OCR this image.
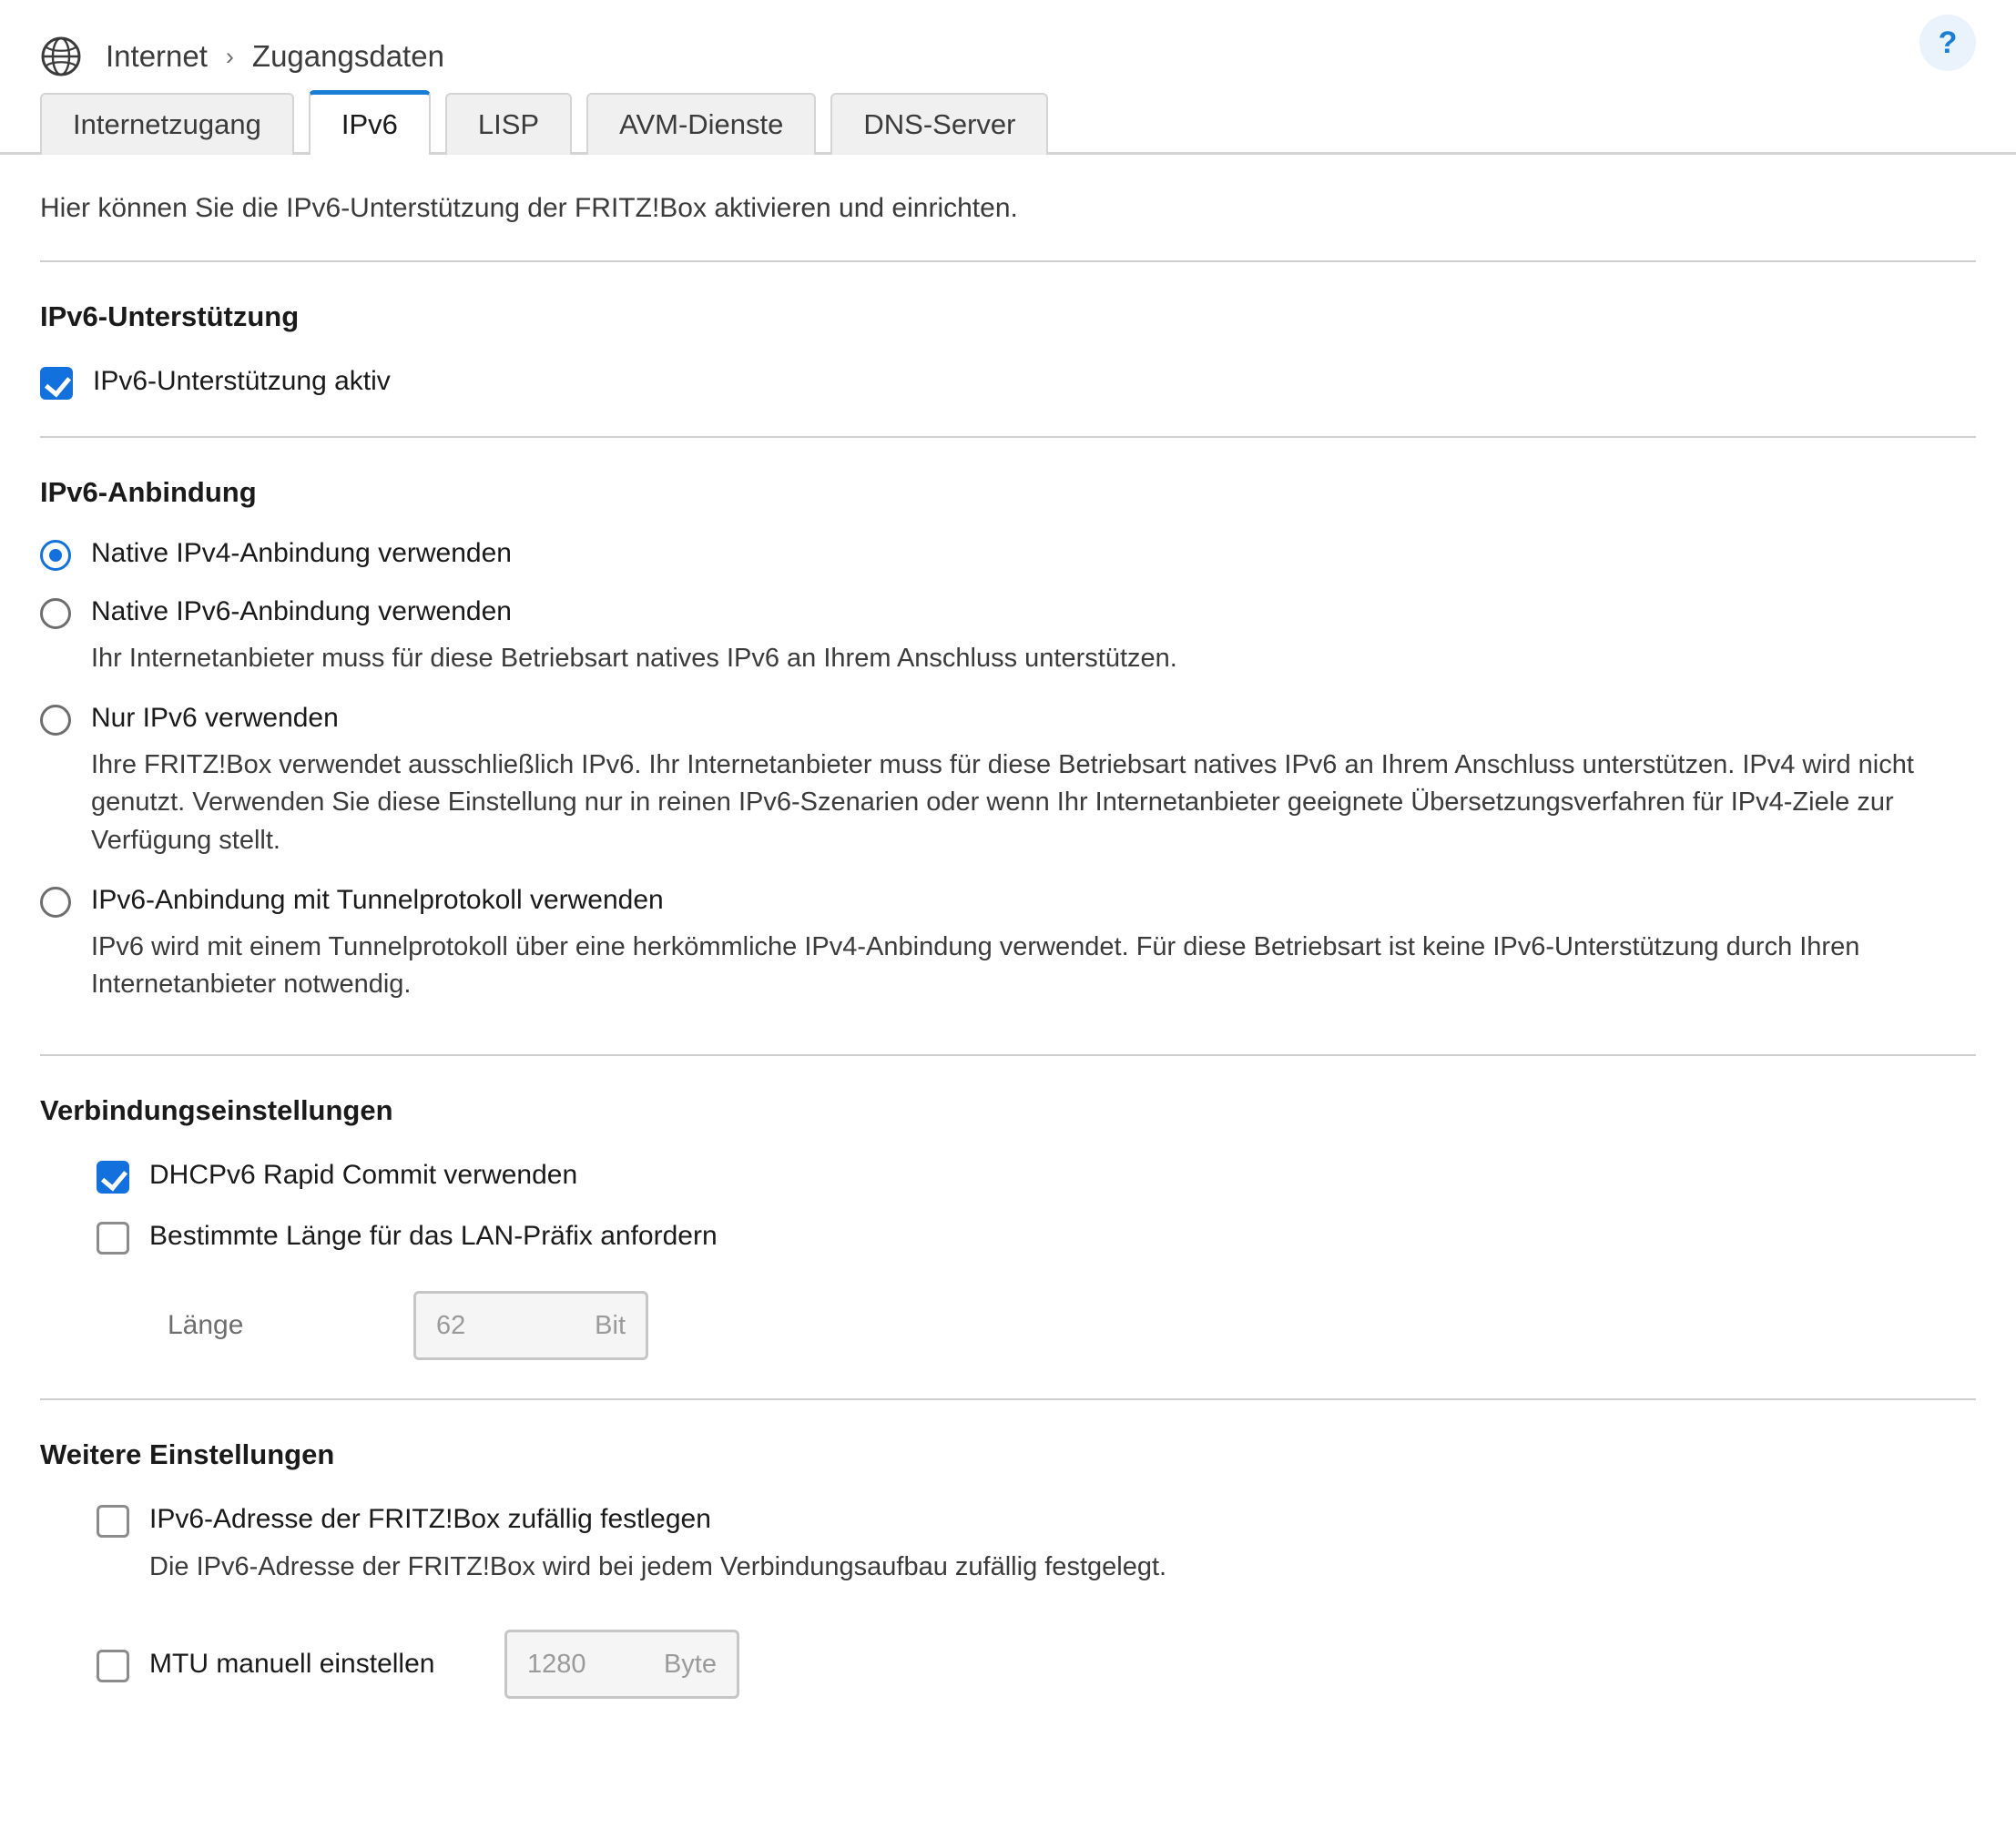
Internet › Zugangsdaten	?
Internetzugang	IPv6	LISP	AVM-Dienste	DNS-Server
Hier können Sie die IPv6-Unterstützung der FRITZ!Box aktivieren und einrichten.
IPv6-Unterstützung
IPv6-Unterstützung aktiv
IPv6-Anbindung
Native IPv4-Anbindung verwenden
Native IPv6-Anbindung verwenden
Ihr Internetanbieter muss für diese Betriebsart natives IPv6 an Ihrem Anschluss unterstützen.
Nur IPv6 verwenden
Ihre FRITZ!Box verwendet ausschließlich IPv6. Ihr Internetanbieter muss für diese Betriebsart natives IPv6 an Ihrem Anschluss unterstützen. IPv4 wird nicht genutzt. Verwenden Sie diese Einstellung nur in reinen IPv6-Szenarien oder wenn Ihr Internetanbieter geeignete Übersetzungsverfahren für IPv4-Ziele zur Verfügung stellt.
IPv6-Anbindung mit Tunnelprotokoll verwenden
IPv6 wird mit einem Tunnelprotokoll über eine herkömmliche IPv4-Anbindung verwendet. Für diese Betriebsart ist keine IPv6-Unterstützung durch Ihren Internetanbieter notwendig.
Verbindungseinstellungen
DHCPv6 Rapid Commit verwenden
Bestimmte Länge für das LAN-Präfix anfordern
Länge	62	Bit
Weitere Einstellungen
IPv6-Adresse der FRITZ!Box zufällig festlegen
Die IPv6-Adresse der FRITZ!Box wird bei jedem Verbindungsaufbau zufällig festgelegt.
MTU manuell einstellen	1280	Byte
